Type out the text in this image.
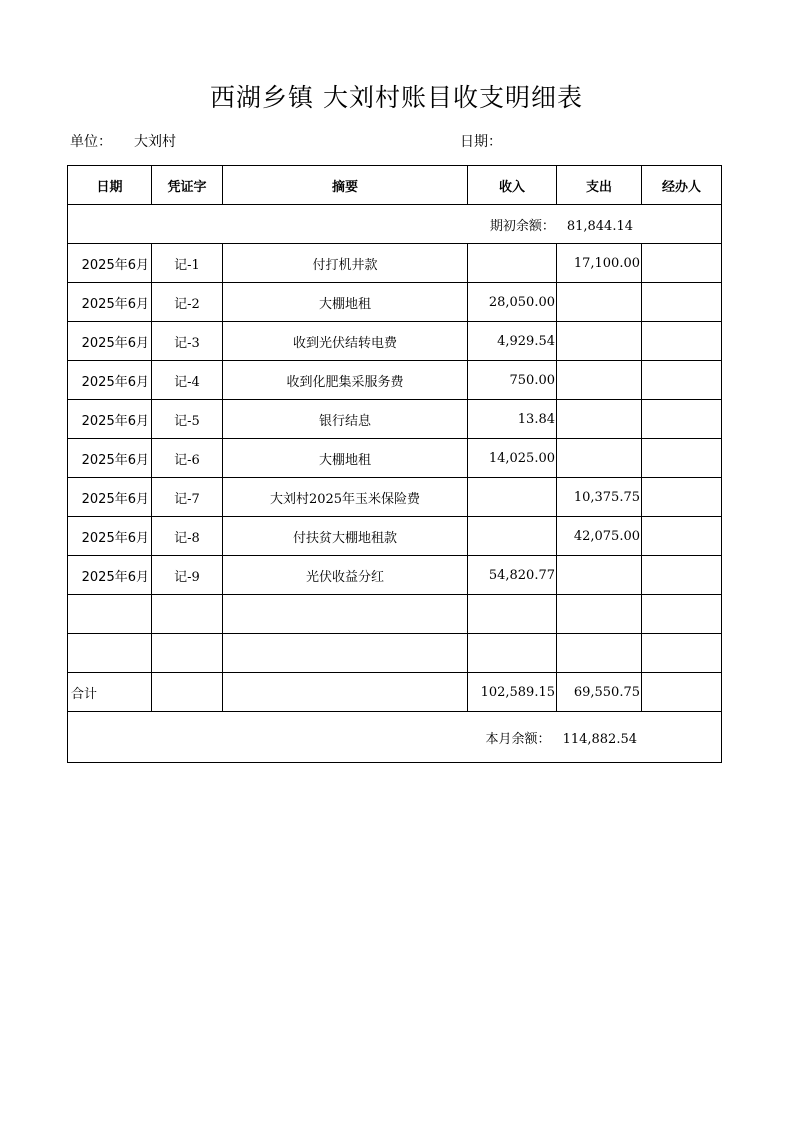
西湖乡镇 大刘村账目收支明细表
单位： 大刘村	日期：
日期	凭证字	摘要	收入	支出	经办人
期初余额： 81,844.14					
2025年6月	记-1	付打机井款		17,100.00	
2025年6月	记-2	大棚地租	28,050.00		
2025年6月	记-3	收到光伏结转电费	4,929.54		
2025年6月	记-4	收到化肥集采服务费	750.00		
2025年6月	记-5	银行结息	13.84		
2025年6月	记-6	大棚地租	14,025.00		
2025年6月	记-7	大刘村2025年玉米保险费		10,375.75	
2025年6月	记-8	付扶贫大棚地租款		42,075.00	
2025年6月	记-9	光伏收益分红	54,820.77		

合计			102,589.15	69,550.75	
本月余额： 114,882.54					
